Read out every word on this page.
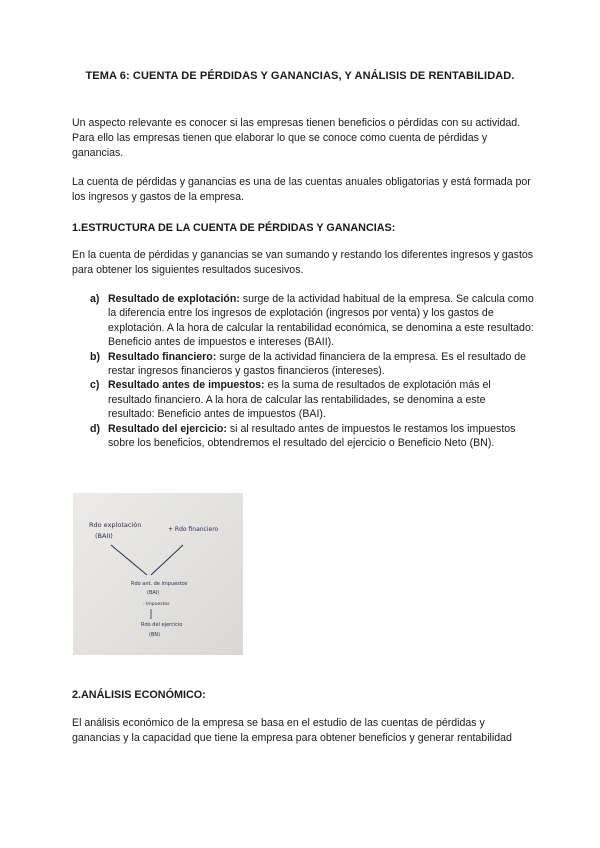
TEMA 6: CUENTA DE PÉRDIDAS Y GANANCIAS, Y ANÁLISIS DE RENTABILIDAD.
Un aspecto relevante es conocer si las empresas tienen beneficios o pérdidas con su actividad. Para ello las empresas tienen que elaborar lo que se conoce como cuenta de pérdidas y ganancias.
La cuenta de pérdidas y ganancias es una de las cuentas anuales obligatorias y está formada por los ingresos y gastos de la empresa.
1.ESTRUCTURA DE LA CUENTA DE PÉRDIDAS Y GANANCIAS:
En la cuenta de pérdidas y ganancias se van sumando y restando los diferentes ingresos y gastos para obtener los siguientes resultados sucesivos.
a) Resultado de explotación: surge de la actividad habitual de la empresa. Se calcula como la diferencia entre los ingresos de explotación (ingresos por venta) y los gastos de explotación. A la hora de calcular la rentabilidad económica, se denomina a este resultado: Beneficio antes de impuestos e intereses (BAII).
b) Resultado financiero: surge de la actividad financiera de la empresa. Es el resultado de restar ingresos financieros y gastos financieros (intereses).
c) Resultado antes de impuestos: es la suma de resultados de explotación más el resultado financiero. A la hora de calcular las rentabilidades, se denomina a este resultado: Beneficio antes de impuestos (BAI).
d) Resultado del ejercicio: si al resultado antes de impuestos le restamos los impuestos sobre los beneficios, obtendremos el resultado del ejercicio o Beneficio Neto (BN).
Rdo explotación
(BAII)
+ Rdo financiero
Rdo ant. de impuestos
(BAI)
- Impuestos
Rdo del ejercicio
(BN)
2.ANÁLISIS ECONÓMICO:
El análisis económico de la empresa se basa en el estudio de las cuentas de pérdidas y ganancias y la capacidad que tiene la empresa para obtener beneficios y generar rentabilidad
